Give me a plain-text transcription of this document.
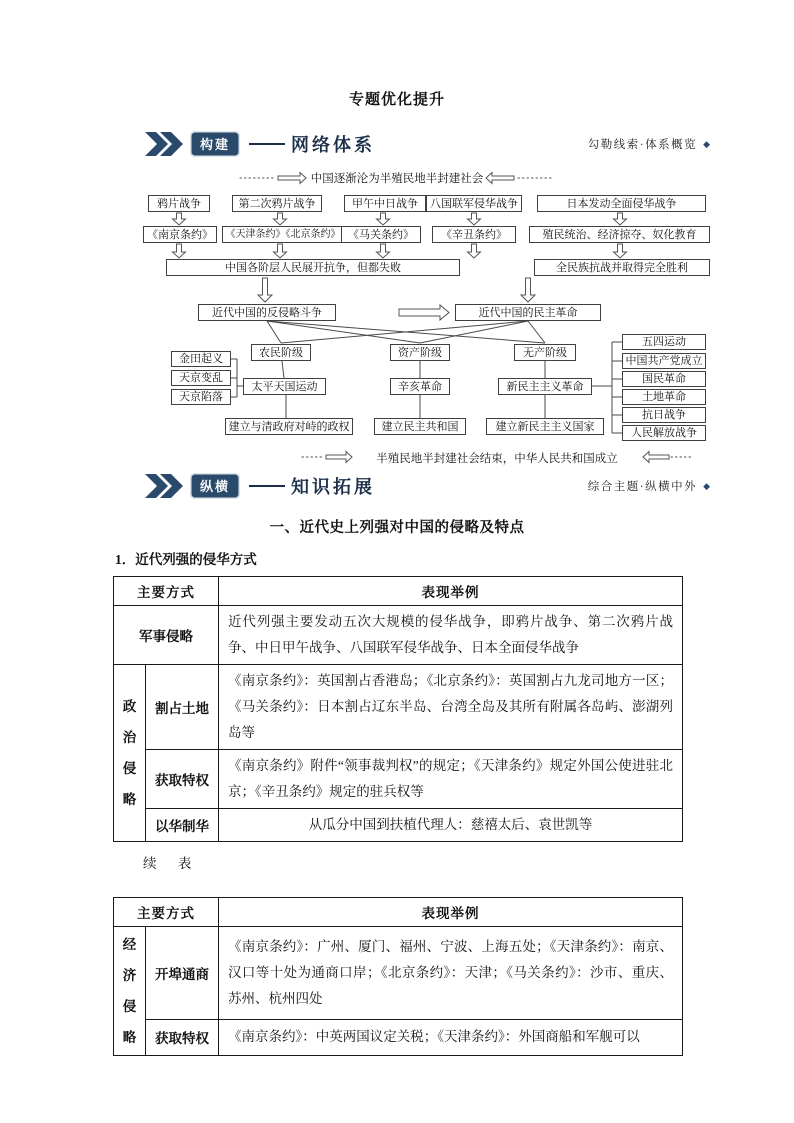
专题优化提升
构建	网络体系	勾勒线索·体系概览 ◆
中国逐渐沦为半殖民地半封建社会
鸦片战争	第二次鸦片战争	甲午中日战争	八国联军侵华战争	日本发动全面侵华战争
《南京条约》	《天津条约》《北京条约》 《马关条约》	《辛丑条约》	殖民统治、经济掠夺、奴化教育
中国各阶层人民展开抗争，但都失败	全民族抗战并取得完全胜利
近代中国的反侵略斗争	近代中国的民主革命
农民阶级	资产阶级	无产阶级
金田起义
天京变乱
天京陷落
太平天国运动	辛亥革命	新民主主义革命
五四运动
中国共产党成立
国民革命
土地革命
抗日战争
人民解放战争
建立与清政府对峙的政权	建立民主共和国	建立新民主主义国家
半殖民地半封建社会结束，中华人民共和国成立
纵横	知识拓展	综合主题·纵横中外 ◆
一、近代史上列强对中国的侵略及特点
1．近代列强的侵华方式
主要方式		表现举例
军事侵略		近代列强主要发动五次大规模的侵华战争，即鸦片战争、第二次鸦片战争、中日甲午战争、八国联军侵华战争、日本全面侵华战争

政治侵略	割占土地	《南京条约》：英国割占香港岛；《北京条约》：英国割占九龙司地方一区；《马关条约》：日本割占辽东半岛、台湾全岛及其所有附属各岛屿、澎湖列岛等
	获取特权	《南京条约》附件“领事裁判权”的规定；《天津条约》规定外国公使进驻北京；《辛丑条约》规定的驻兵权等
	以华制华	从瓜分中国到扶植代理人：慈禧太后、袁世凯等
续 表
主要方式		表现举例

经济侵略	开埠通商	《南京条约》：广州、厦门、福州、宁波、上海五处；《天津条约》：南京、汉口等十处为通商口岸；《北京条约》：天津；《马关条约》：沙市、重庆、苏州、杭州四处
	获取特权	《南京条约》：中英两国议定关税；《天津条约》：外国商船和军舰可以
